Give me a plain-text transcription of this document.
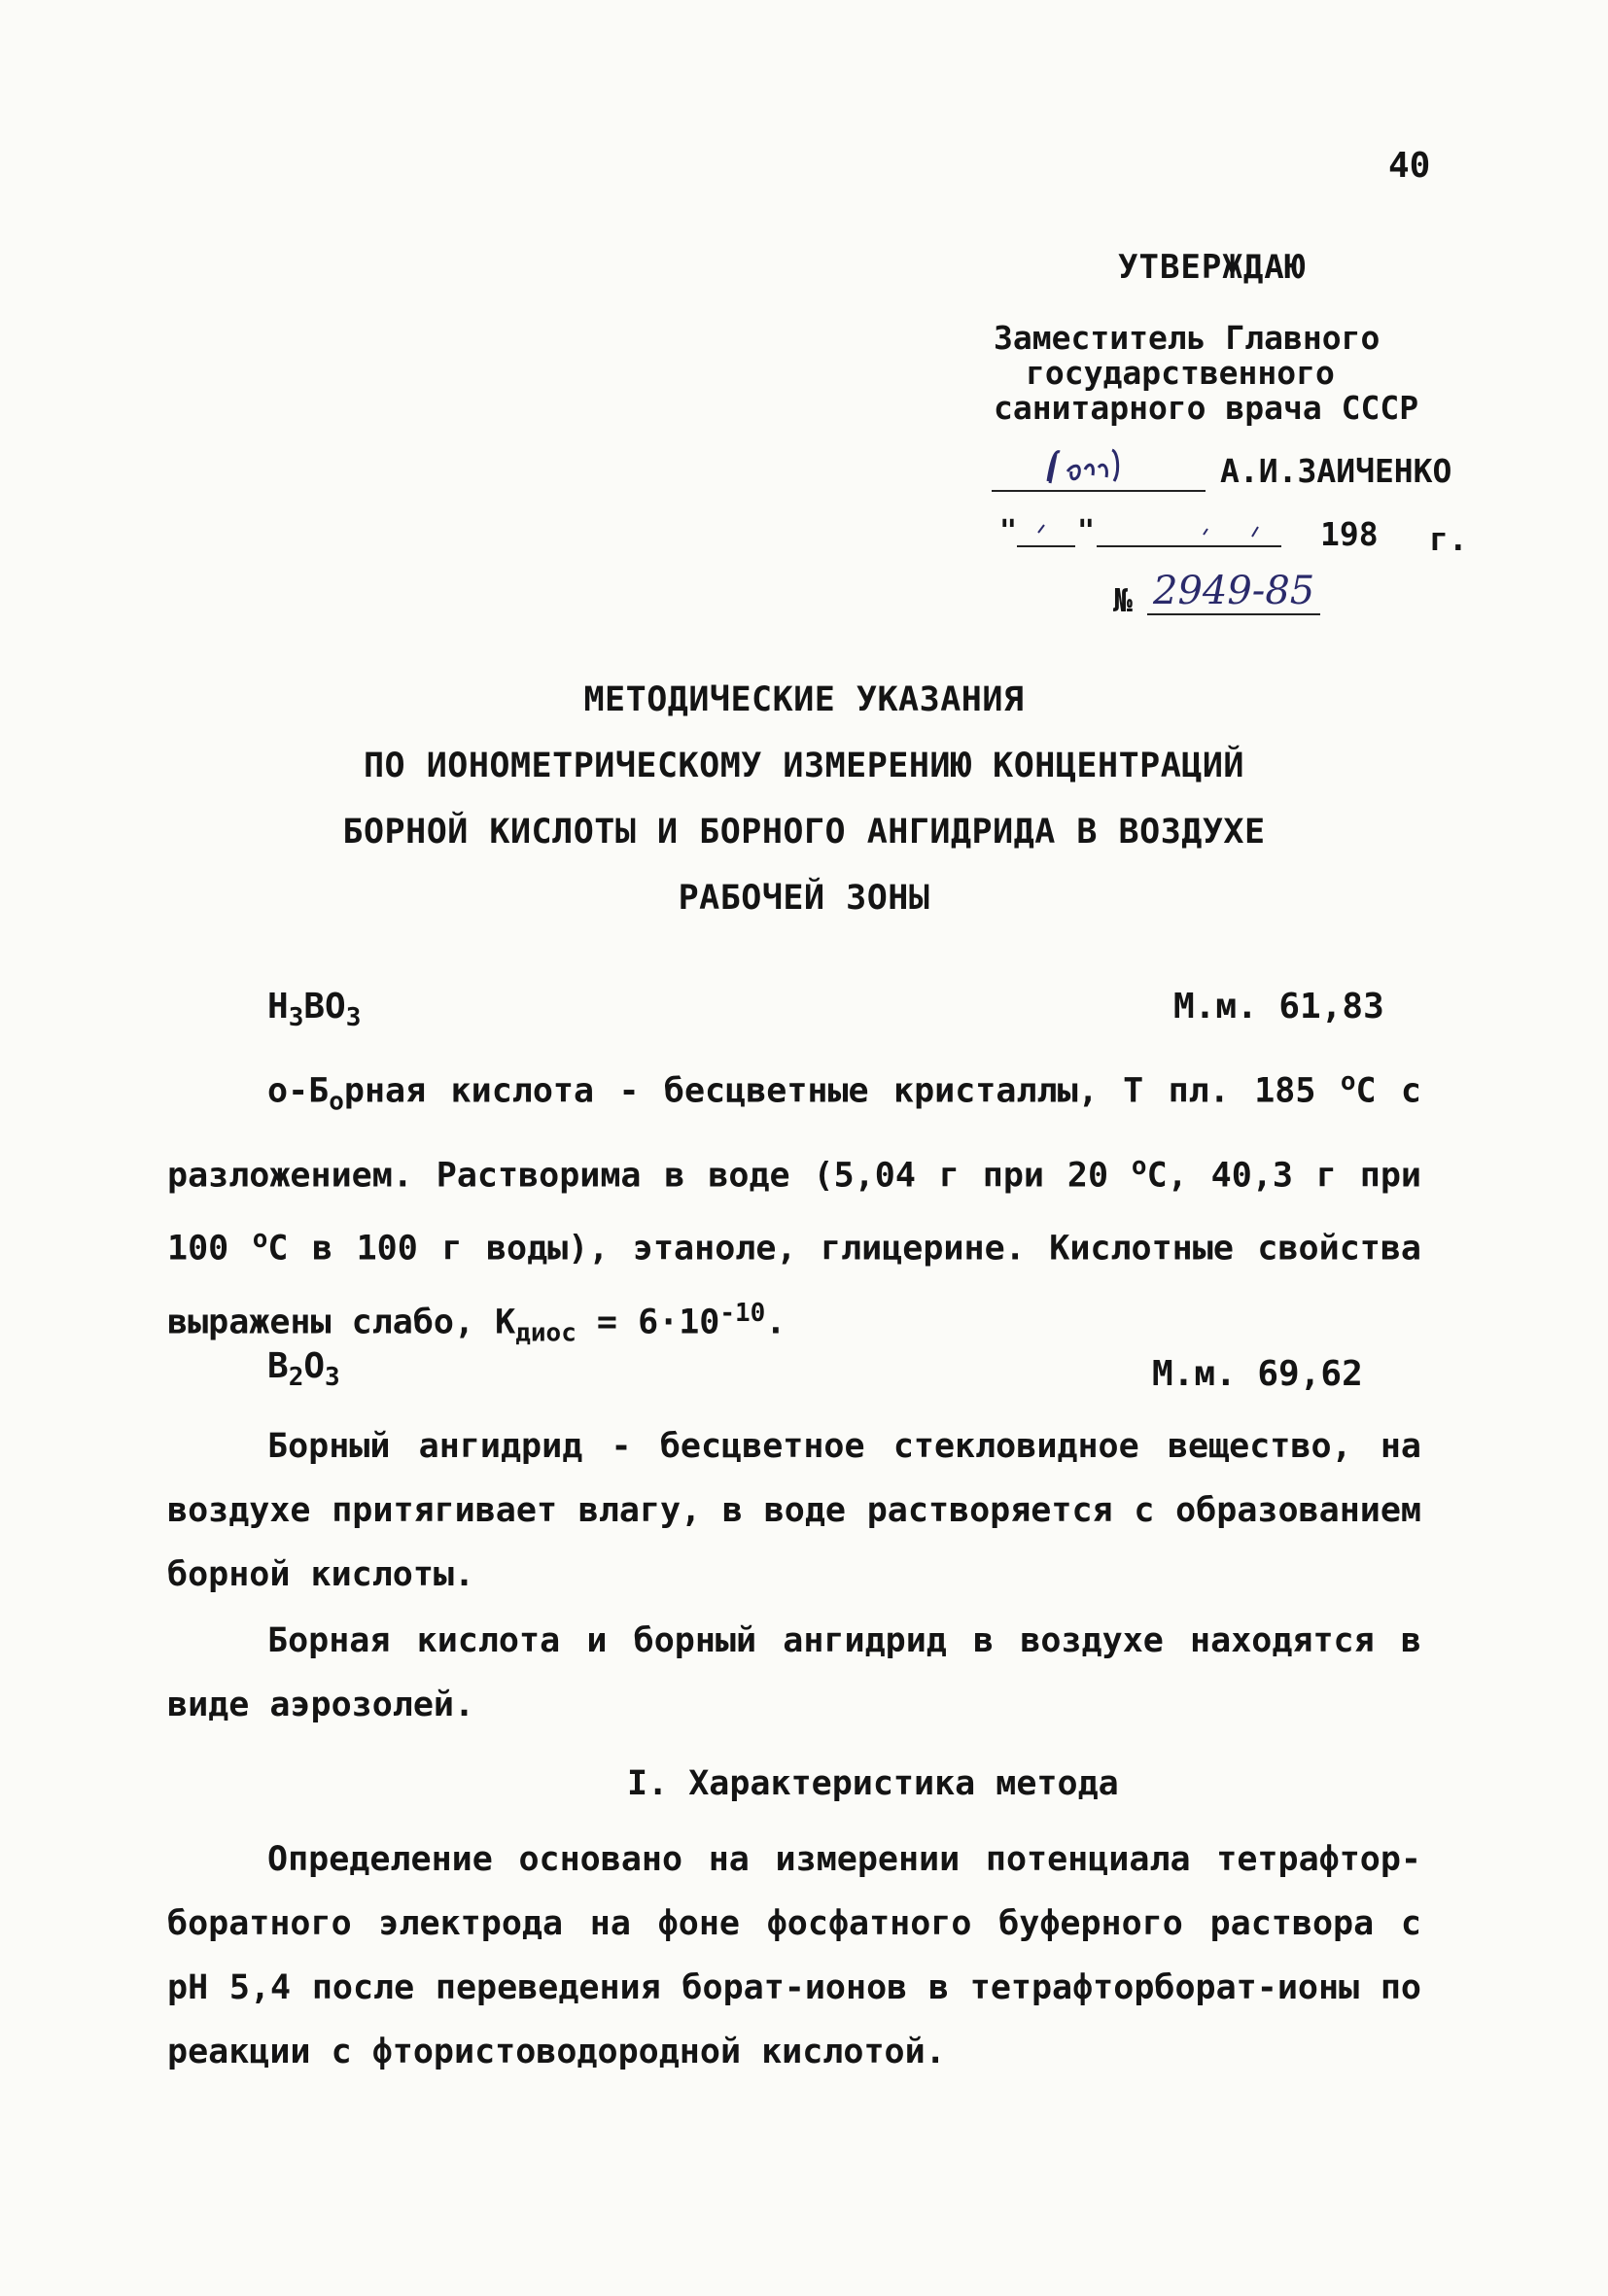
40
УТВЕРЖДАЮ
Заместитель Главного
государственного
санитарного врача СССР
А.И.ЗАИЧЕНКО
" "	198 г.
№ 2949-85
МЕТОДИЧЕСКИЕ УКАЗАНИЯ
ПО ИОНОМЕТРИЧЕСКОМУ ИЗМЕРЕНИЮ КОНЦЕНТРАЦИЙ
БОРНОЙ КИСЛОТЫ И БОРНОГО АНГИДРИДА В ВОЗДУХЕ
РАБОЧЕЙ ЗОНЫ
$H_3BO_3$	М.м. 61,83
$о-Б_орная$ кислота - бесцветные кристаллы, Т пл. 185 $^о$С с разложением. Растворима в воде (5,04 г при 20 $^о$С, 40,3 г при 100 $^о$С в 100 г воды), этаноле, глицерине. Кислотные свойства выражены слабо, $К_{диос} = 6\cdot 10^{-10}$.
$B_2O_3$	М.м. 69,62
Борный ангидрид - бесцветное стекловидное вещество, на воздухе притягивает влагу, в воде растворяется с образованием борной кислоты.
Борная кислота и борный ангидрид в воздухе находятся в виде аэрозолей.
I. Характеристика метода
Определение основано на измерении потенциала тетрафтор-боратного электрода на фоне фосфатного буферного раствора с pH 5,4 после переведения борат-ионов в тетрафторборат-ионы по реакции с фтористоводородной кислотой.
